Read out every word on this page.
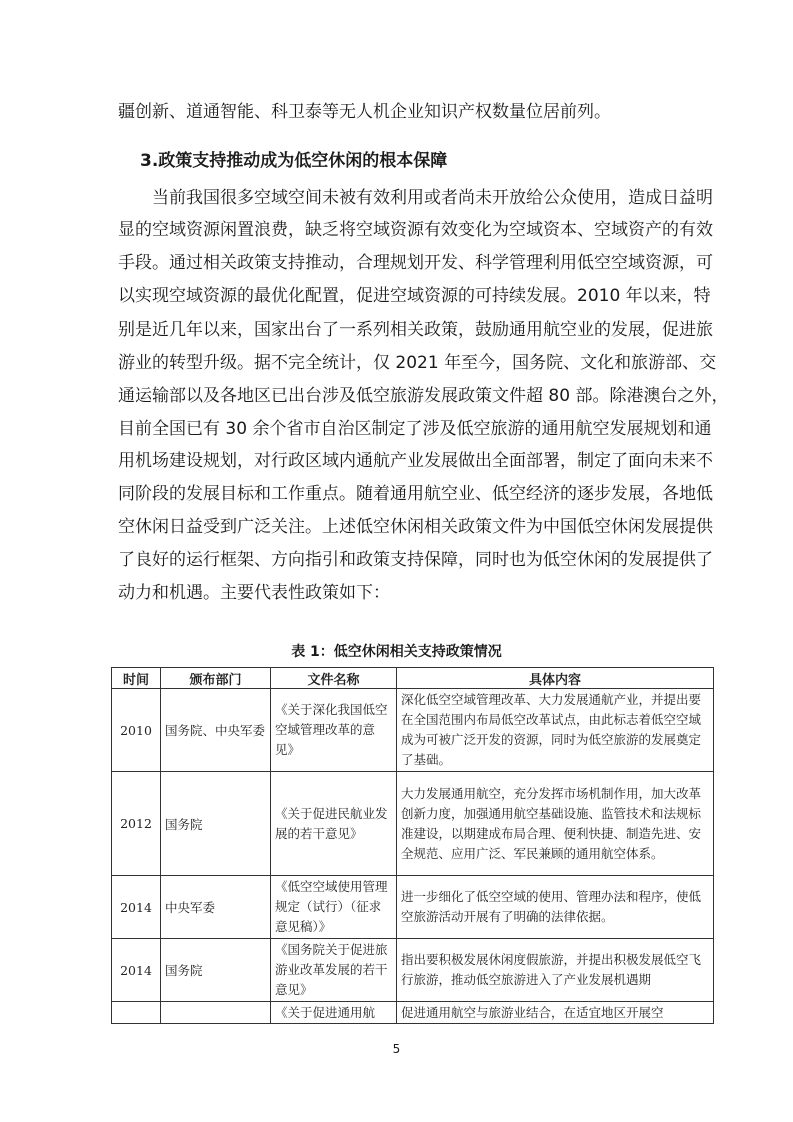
疆创新、道通智能、科卫泰等无人机企业知识产权数量位居前列。
3.政策支持推动成为低空休闲的根本保障
　　当前我国很多空域空间未被有效利用或者尚未开放给公众使用，造成日益明
显的空域资源闲置浪费，缺乏将空域资源有效变化为空域资本、空域资产的有效
手段。通过相关政策支持推动，合理规划开发、科学管理利用低空空域资源，可
以实现空域资源的最优化配置，促进空域资源的可持续发展。2010 年以来，特
别是近几年以来，国家出台了一系列相关政策，鼓励通用航空业的发展，促进旅
游业的转型升级。据不完全统计，仅 2021 年至今，国务院、文化和旅游部、交
通运输部以及各地区已出台涉及低空旅游发展政策文件超 80 部。除港澳台之外，
目前全国已有 30 余个省市自治区制定了涉及低空旅游的通用航空发展规划和通
用机场建设规划，对行政区域内通航产业发展做出全面部署，制定了面向未来不
同阶段的发展目标和工作重点。随着通用航空业、低空经济的逐步发展，各地低
空休闲日益受到广泛关注。上述低空休闲相关政策文件为中国低空休闲发展提供
了良好的运行框架、方向指引和政策支持保障，同时也为低空休闲的发展提供了
动力和机遇。主要代表性政策如下：
表 1：低空休闲相关支持政策情况
时间	颁布部门	文件名称	具体内容
2010	国务院、中央军委	《关于深化我国低空空域管理改革的意见》	深化低空空域管理改革、大力发展通航产业，并提出要在全国范围内布局低空改革试点，由此标志着低空空域成为可被广泛开发的资源，同时为低空旅游的发展奠定了基础。
2012	国务院	《关于促进民航业发展的若干意见》	大力发展通用航空，充分发挥市场机制作用，加大改革创新力度，加强通用航空基础设施、监管技术和法规标准建设，以期建成布局合理、便利快捷、制造先进、安全规范、应用广泛、军民兼顾的通用航空体系。
2014	中央军委	《低空空域使用管理规定（试行）（征求意见稿）》	进一步细化了低空空域的使用、管理办法和程序，使低空旅游活动开展有了明确的法律依据。
2014	国务院	《国务院关于促进旅游业改革发展的若干意见》	指出要积极发展休闲度假旅游，并提出积极发展低空飞行旅游，推动低空旅游进入了产业发展机遇期
		《关于促进通用航	促进通用航空与旅游业结合，在适宜地区开展空
5
